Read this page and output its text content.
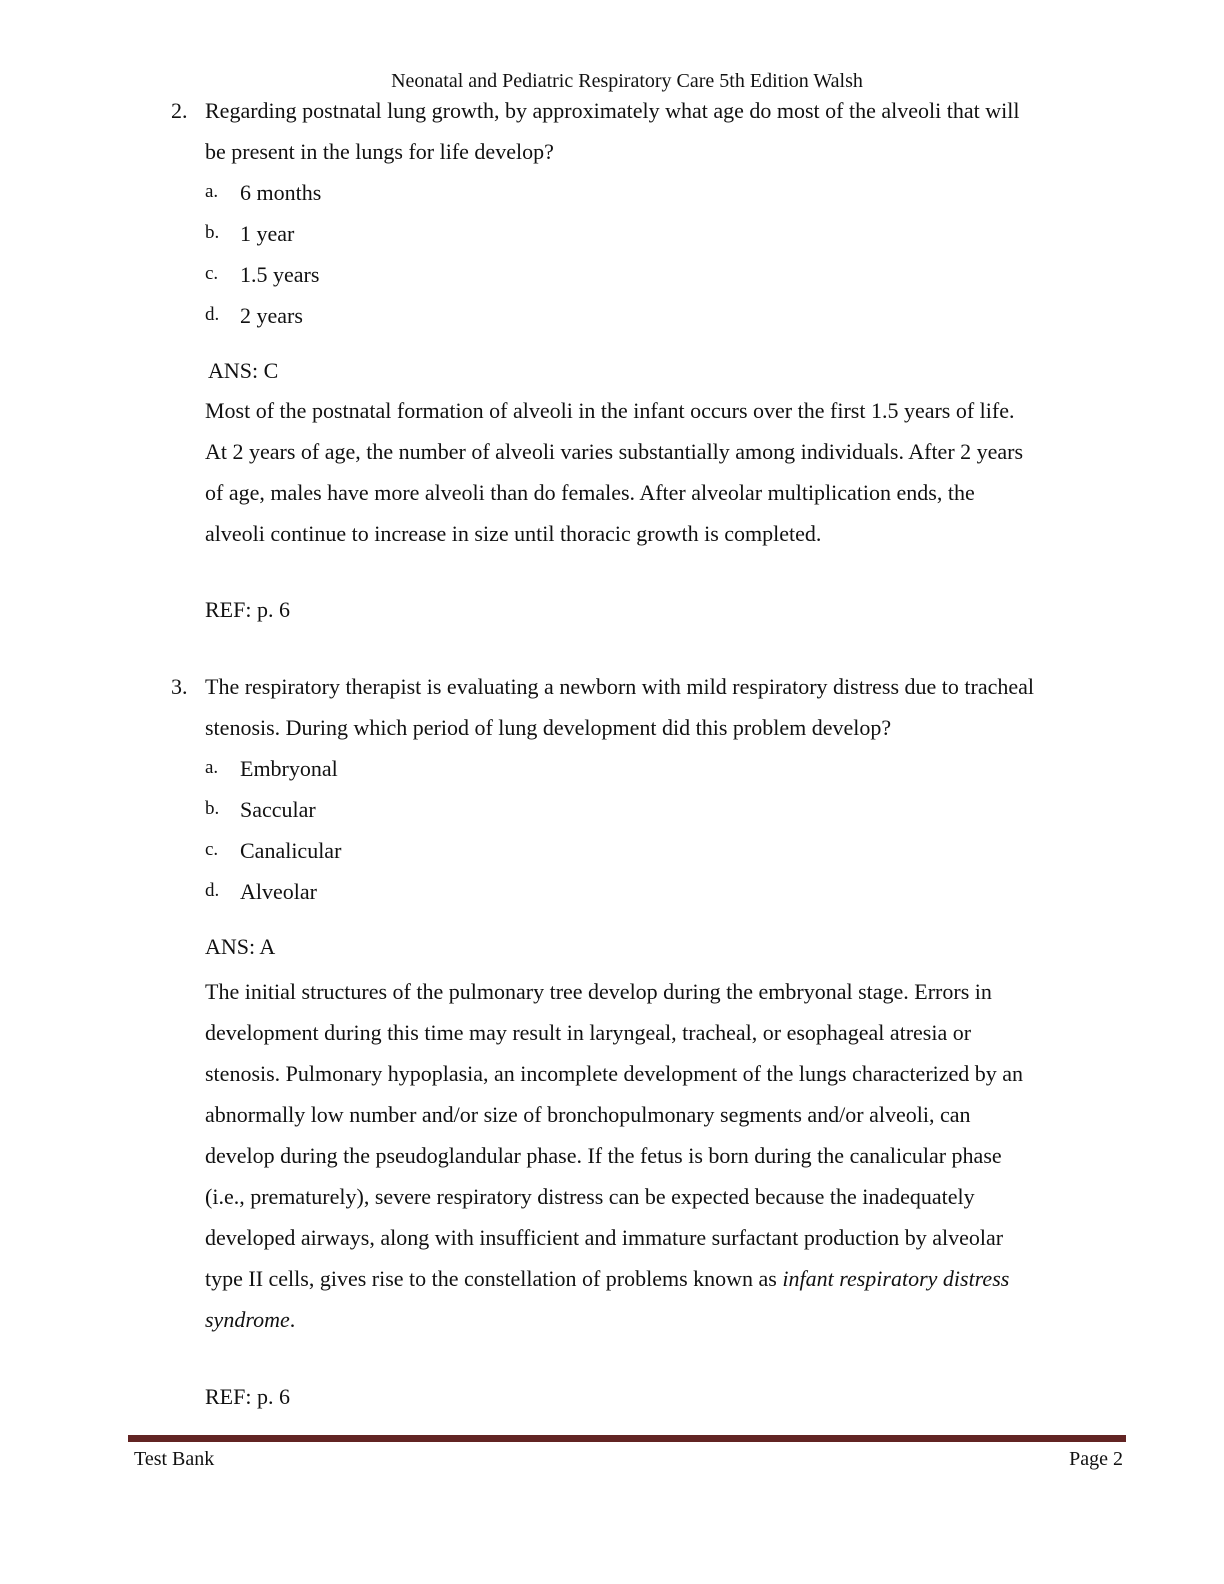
Neonatal and Pediatric Respiratory Care 5th Edition Walsh
2. Regarding postnatal lung growth, by approximately what age do most of the alveoli that will
be present in the lungs for life develop?
a. 6 months
b. 1 year
c. 1.5 years
d. 2 years
ANS: C
Most of the postnatal formation of alveoli in the infant occurs over the first 1.5 years of life.
At 2 years of age, the number of alveoli varies substantially among individuals. After 2 years
of age, males have more alveoli than do females. After alveolar multiplication ends, the
alveoli continue to increase in size until thoracic growth is completed.
REF: p. 6
3. The respiratory therapist is evaluating a newborn with mild respiratory distress due to tracheal
stenosis. During which period of lung development did this problem develop?
a. Embryonal
b. Saccular
c. Canalicular
d. Alveolar
ANS: A
The initial structures of the pulmonary tree develop during the embryonal stage. Errors in
development during this time may result in laryngeal, tracheal, or esophageal atresia or
stenosis. Pulmonary hypoplasia, an incomplete development of the lungs characterized by an
abnormally low number and/or size of bronchopulmonary segments and/or alveoli, can
develop during the pseudoglandular phase. If the fetus is born during the canalicular phase
(i.e., prematurely), severe respiratory distress can be expected because the inadequately
developed airways, along with insufficient and immature surfactant production by alveolar
type II cells, gives rise to the constellation of problems known as infant respiratory distress
syndrome.
REF: p. 6
Test Bank	Page 2
